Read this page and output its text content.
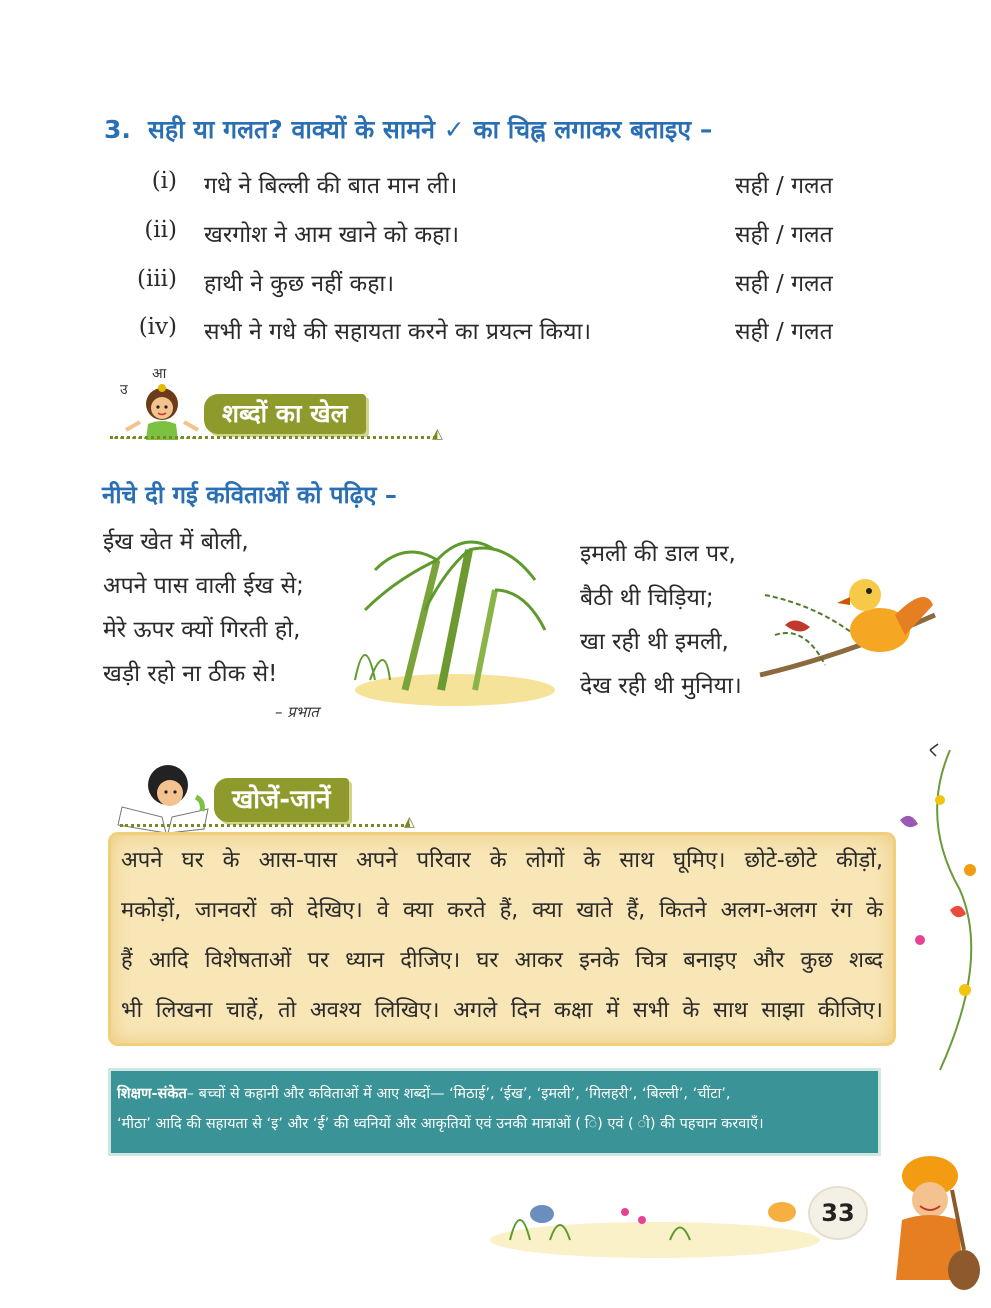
3. सही या गलत? वाक्यों के सामने ✓ का चिह्न लगाकर बताइए –
(i) गधे ने बिल्ली की बात मान ली।	सही / गलत
(ii) खरगोश ने आम खाने को कहा।	सही / गलत
(iii) हाथी ने कुछ नहीं कहा।	सही / गलत
(iv) सभी ने गधे की सहायता करने का प्रयत्न किया।	सही / गलत
उ
आ
शब्दों का खेल
◭
नीचे दी गई कविताओं को पढ़िए –
ईख खेत में बोली,
अपने पास वाली ईख से;
मेरे ऊपर क्यों गिरती हो,
खड़ी रहो ना ठीक से!
– प्रभात
इमली की डाल पर,
बैठी थी चिड़िया;
खा रही थी इमली,
देख रही थी मुनिया।
खोजें-जानें
◭

अपने घर के आस-पास अपने परिवार के लोगों के साथ घूमिए। छोटे-छोटे कीड़ों,

मकोड़ों, जानवरों को देखिए। वे क्या करते हैं, क्या खाते हैं, कितने अलग-अलग रंग के

हैं आदि विशेषताओं पर ध्यान दीजिए। घर आकर इनके चित्र बनाइए और कुछ शब्द

भी लिखना चाहें, तो अवश्य लिखिए। अगले दिन कक्षा में सभी के साथ साझा कीजिए।

शिक्षण-संकेत– बच्चों से कहानी और कविताओं में आए शब्दों— ‘मिठाई’, ‘ईख’, ‘इमली’, ‘गिलहरी’, ‘बिल्ली’, ‘चींटा’,
‘मीठा’ आदि की सहायता से ‘इ’ और ‘ई’ की ध्वनियों और आकृतियों एवं उनकी मात्राओं ( ि) एवं ( ी) की पहचान करवाएँ।
33
